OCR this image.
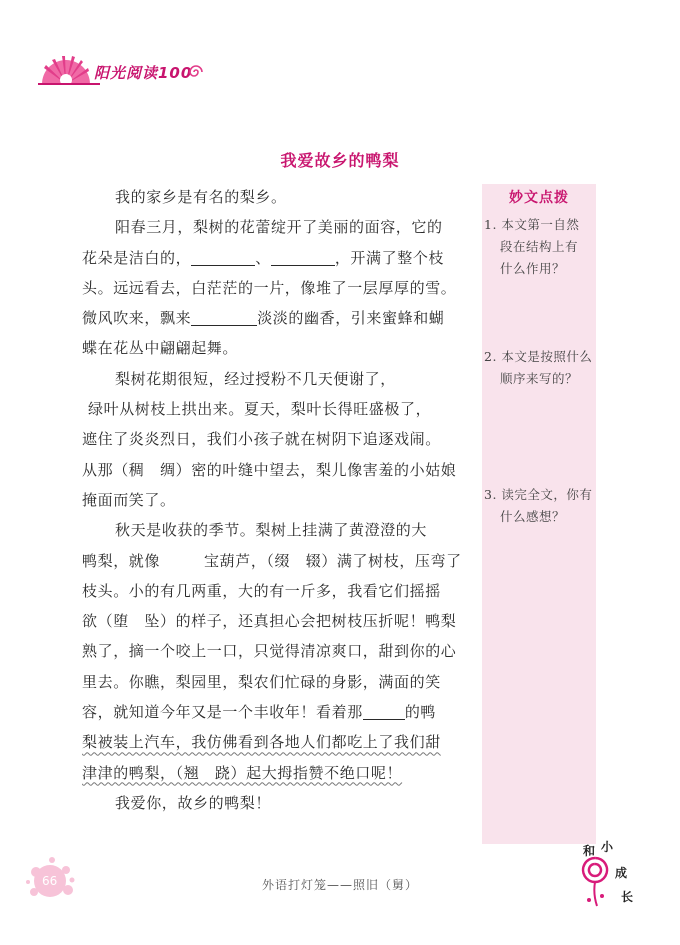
阳光阅读100
我爱故乡的鸭梨
我的家乡是有名的梨乡。
阳春三月，梨树的花蕾绽开了美丽的面容，它的
花朵是洁白的，	、	，开满了整个枝
头。远远看去，白茫茫的一片，像堆了一层厚厚的雪。
微风吹来，飘来	淡淡的幽香，引来蜜蜂和蝴
蝶在花丛中翩翩起舞。
梨树花期很短，经过授粉不几天便谢了，
绿叶从树枝上拱出来。夏天，梨叶长得旺盛极了，
遮住了炎炎烈日，我们小孩子就在树阴下追逐戏闹。
从那（稠　绸）密的叶缝中望去，梨儿像害羞的小姑娘
掩面而笑了。
秋天是收获的季节。梨树上挂满了黄澄澄的大
鸭梨，就像	宝葫芦，（缀　辍）满了树枝，压弯了
枝头。小的有几两重，大的有一斤多，我看它们摇摇
欲（堕　坠）的样子，还真担心会把树枝压折呢！鸭梨
熟了，摘一个咬上一口，只觉得清凉爽口，甜到你的心
里去。你瞧，梨园里，梨农们忙碌的身影，满面的笑
容，就知道今年又是一个丰收年！看着那	的鸭
梨被装上汽车，我仿佛看到各地人们都吃上了我们甜
津津的鸭梨，（翘　跷）起大拇指赞不绝口呢！
我爱你，故乡的鸭梨！
妙文点拨
1. 本文第一自然
段在结构上有
什么作用？
2. 本文是按照什么
顺序来写的？
3. 读完全文，你有
什么感想？
66	外语打灯笼——照旧（舅）
和 小
成
长
